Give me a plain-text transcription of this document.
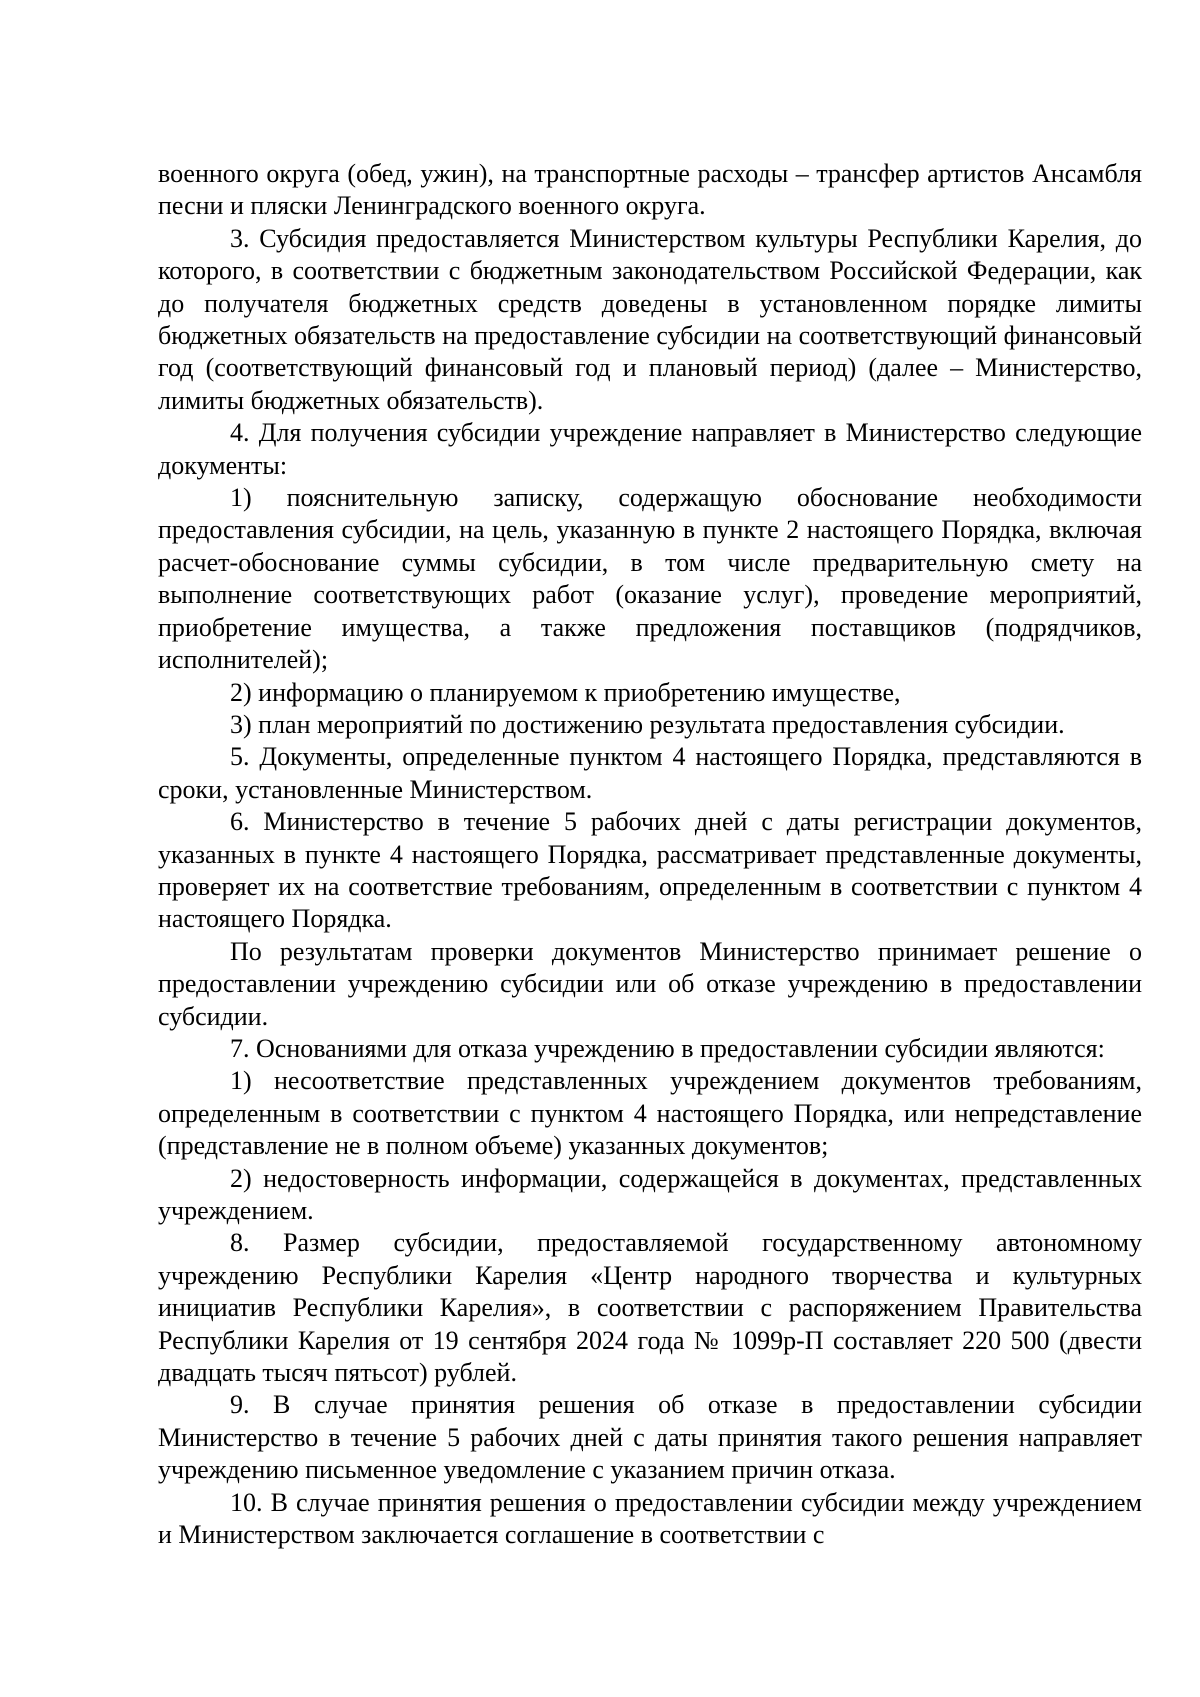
военного округа (обед, ужин), на транспортные расходы – трансфер артистов Ансамбля песни и пляски Ленинградского военного округа.

3. Субсидия предоставляется Министерством культуры Республики Карелия, до которого, в соответствии с бюджетным законодательством Российской Федерации, как до получателя бюджетных средств доведены в установленном порядке лимиты бюджетных обязательств на предоставление субсидии на соответствующий финансовый год (соответствующий финансовый год и плановый период) (далее – Министерство, лимиты бюджетных обязательств).

4. Для получения субсидии учреждение направляет в Министерство следующие документы:

1) пояснительную записку, содержащую обоснование необходимости предоставления субсидии, на цель, указанную в пункте 2 настоящего Порядка, включая расчет-обоснование суммы субсидии, в том числе предварительную смету на выполнение соответствующих работ (оказание услуг), проведение мероприятий, приобретение имущества, а также предложения поставщиков (подрядчиков, исполнителей);

2) информацию о планируемом к приобретению имуществе,

3) план мероприятий по достижению результата предоставления субсидии.

5. Документы, определенные пунктом 4 настоящего Порядка, представляются в сроки, установленные Министерством.

6. Министерство в течение 5 рабочих дней с даты регистрации документов, указанных в пункте 4 настоящего Порядка, рассматривает представленные документы, проверяет их на соответствие требованиям, определенным в соответствии с пунктом 4 настоящего Порядка.

По результатам проверки документов Министерство принимает решение о предоставлении учреждению субсидии или об отказе учреждению в предоставлении субсидии.

7. Основаниями для отказа учреждению в предоставлении субсидии являются:

1) несоответствие представленных учреждением документов требованиям, определенным в соответствии с пунктом 4 настоящего Порядка, или непредставление (представление не в полном объеме) указанных документов;

2) недостоверность информации, содержащейся в документах, представленных учреждением.

8. Размер субсидии, предоставляемой государственному автономному учреждению Республики Карелия «Центр народного творчества и культурных инициатив Республики Карелия», в соответствии с распоряжением Правительства Республики Карелия от 19 сентября 2024 года № 1099р-П составляет 220 500 (двести двадцать тысяч пятьсот) рублей.

9. В случае принятия решения об отказе в предоставлении субсидии Министерство в течение 5 рабочих дней с даты принятия такого решения направляет учреждению письменное уведомление с указанием причин отказа.

10. В случае принятия решения о предоставлении субсидии между учреждением и Министерством заключается соглашение в соответствии с
